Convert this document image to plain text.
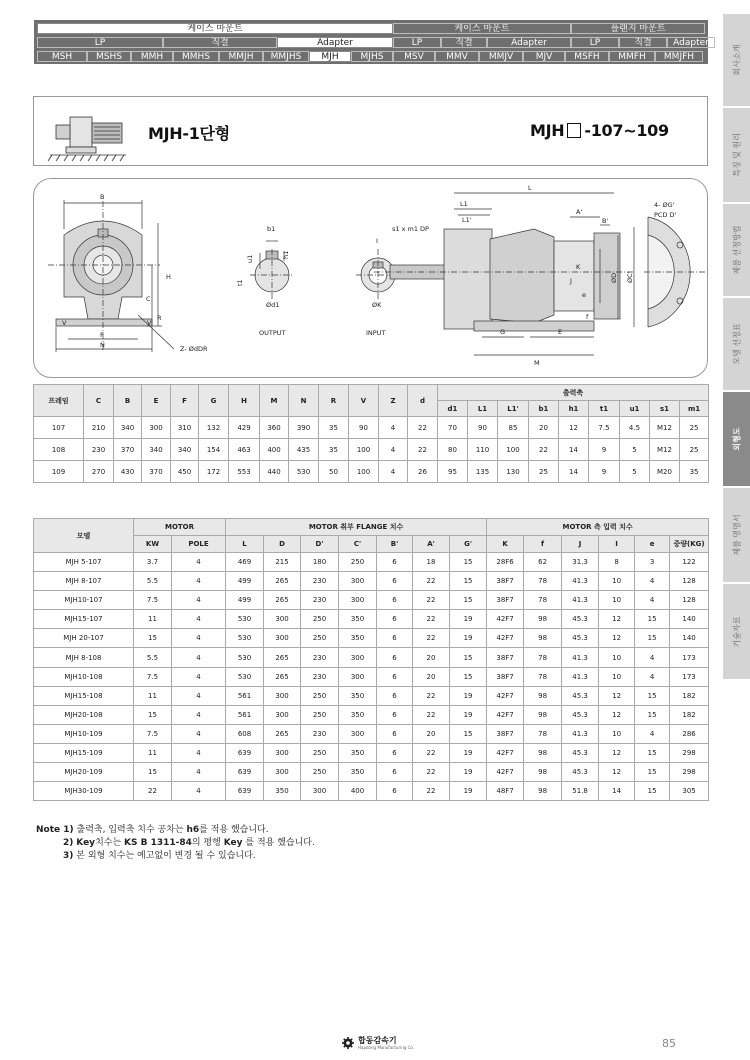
케이스 마운트	케이스 마운트	플랜지 마운트
LP	직결	Adapter	LP	직결	Adapter	LP	직결	Adapter
MSH	MSHS	MMH	MMHS	MMJH	MMJHS	MJH	MJHS	MSV	MMV	MMJV	MJV	MSFH	MMFH	MMJFH	회사소개
특징 및 원리
제품 선정방법
모델 선정표
외형도
제품 명명서
기술자료
MJH-1단형	MJH -107~109
B
H
C
R
V	V
F
N	Z- ØdDR
b1
u1	h1
t1
Ød1
OUTPUT
I
ØK
INPUT
L
L1
L1'
s1 x m1 DP
A'
B'
G	E
M
ØD ØC'
4- ØG'
PCD D'
e
f
J
K
프레임	C	B	E	F	G	H	M	N	R	V	Z	d	출력축								
													d1	L1	L1'	b1	h1	t1	u1	s1	m1
107	210	340	300	310	132	429	360	390	35	90	4	22	70	90	85	20	12	7.5	4.5	M12	25
108	230	370	340	340	154	463	400	435	35	100	4	22	80	110	100	22	14	9	5	M12	25
109	270	430	370	450	172	553	440	530	50	100	4	26	95	135	130	25	14	9	5	M20	35
모델	MOTOR		MOTOR 취부 FLANGE 치수							MOTOR 측 입력 치수					
	KW	POLE	L	D	D'	C'	B'	A'	G'	K	f	J	I	e	중량(KG)
MJH 5-107	3.7	4	469	215	180	250	6	18	15	28F6	62	31.3	8	3	122
MJH 8-107	5.5	4	499	265	230	300	6	22	15	38F7	78	41.3	10	4	128
MJH10-107	7.5	4	499	265	230	300	6	22	15	38F7	78	41.3	10	4	128
MJH15-107	11	4	530	300	250	350	6	22	19	42F7	98	45.3	12	15	140
MJH 20-107	15	4	530	300	250	350	6	22	19	42F7	98	45.3	12	15	140
MJH 8-108	5.5	4	530	265	230	300	6	20	15	38F7	78	41.3	10	4	173
MJH10-108	7.5	4	530	265	230	300	6	20	15	38F7	78	41.3	10	4	173
MJH15-108	11	4	561	300	250	350	6	22	19	42F7	98	45.3	12	15	182
MJH20-108	15	4	561	300	250	350	6	22	19	42F7	98	45.3	12	15	182
MJH10-109	7.5	4	608	265	230	300	6	20	15	38F7	78	41.3	10	4	286
MJH15-109	11	4	639	300	250	350	6	22	19	42F7	98	45.3	12	15	298
MJH20-109	15	4	639	300	250	350	6	22	19	42F7	98	45.3	12	15	298
MJH30-109	22	4	639	350	300	400	6	22	19	48F7	98	51.8	14	15	305
Note 1) 출력축, 입력축 치수 공차는 h6를 적용 했습니다.
2) Key치수는 KS B 1311-84의 평행 Key 를 적용 했습니다.
3) 본 외형 치수는 예고없이 변경 될 수 있습니다.
합동감속기
Hapdong Manufacturing Co.	85
